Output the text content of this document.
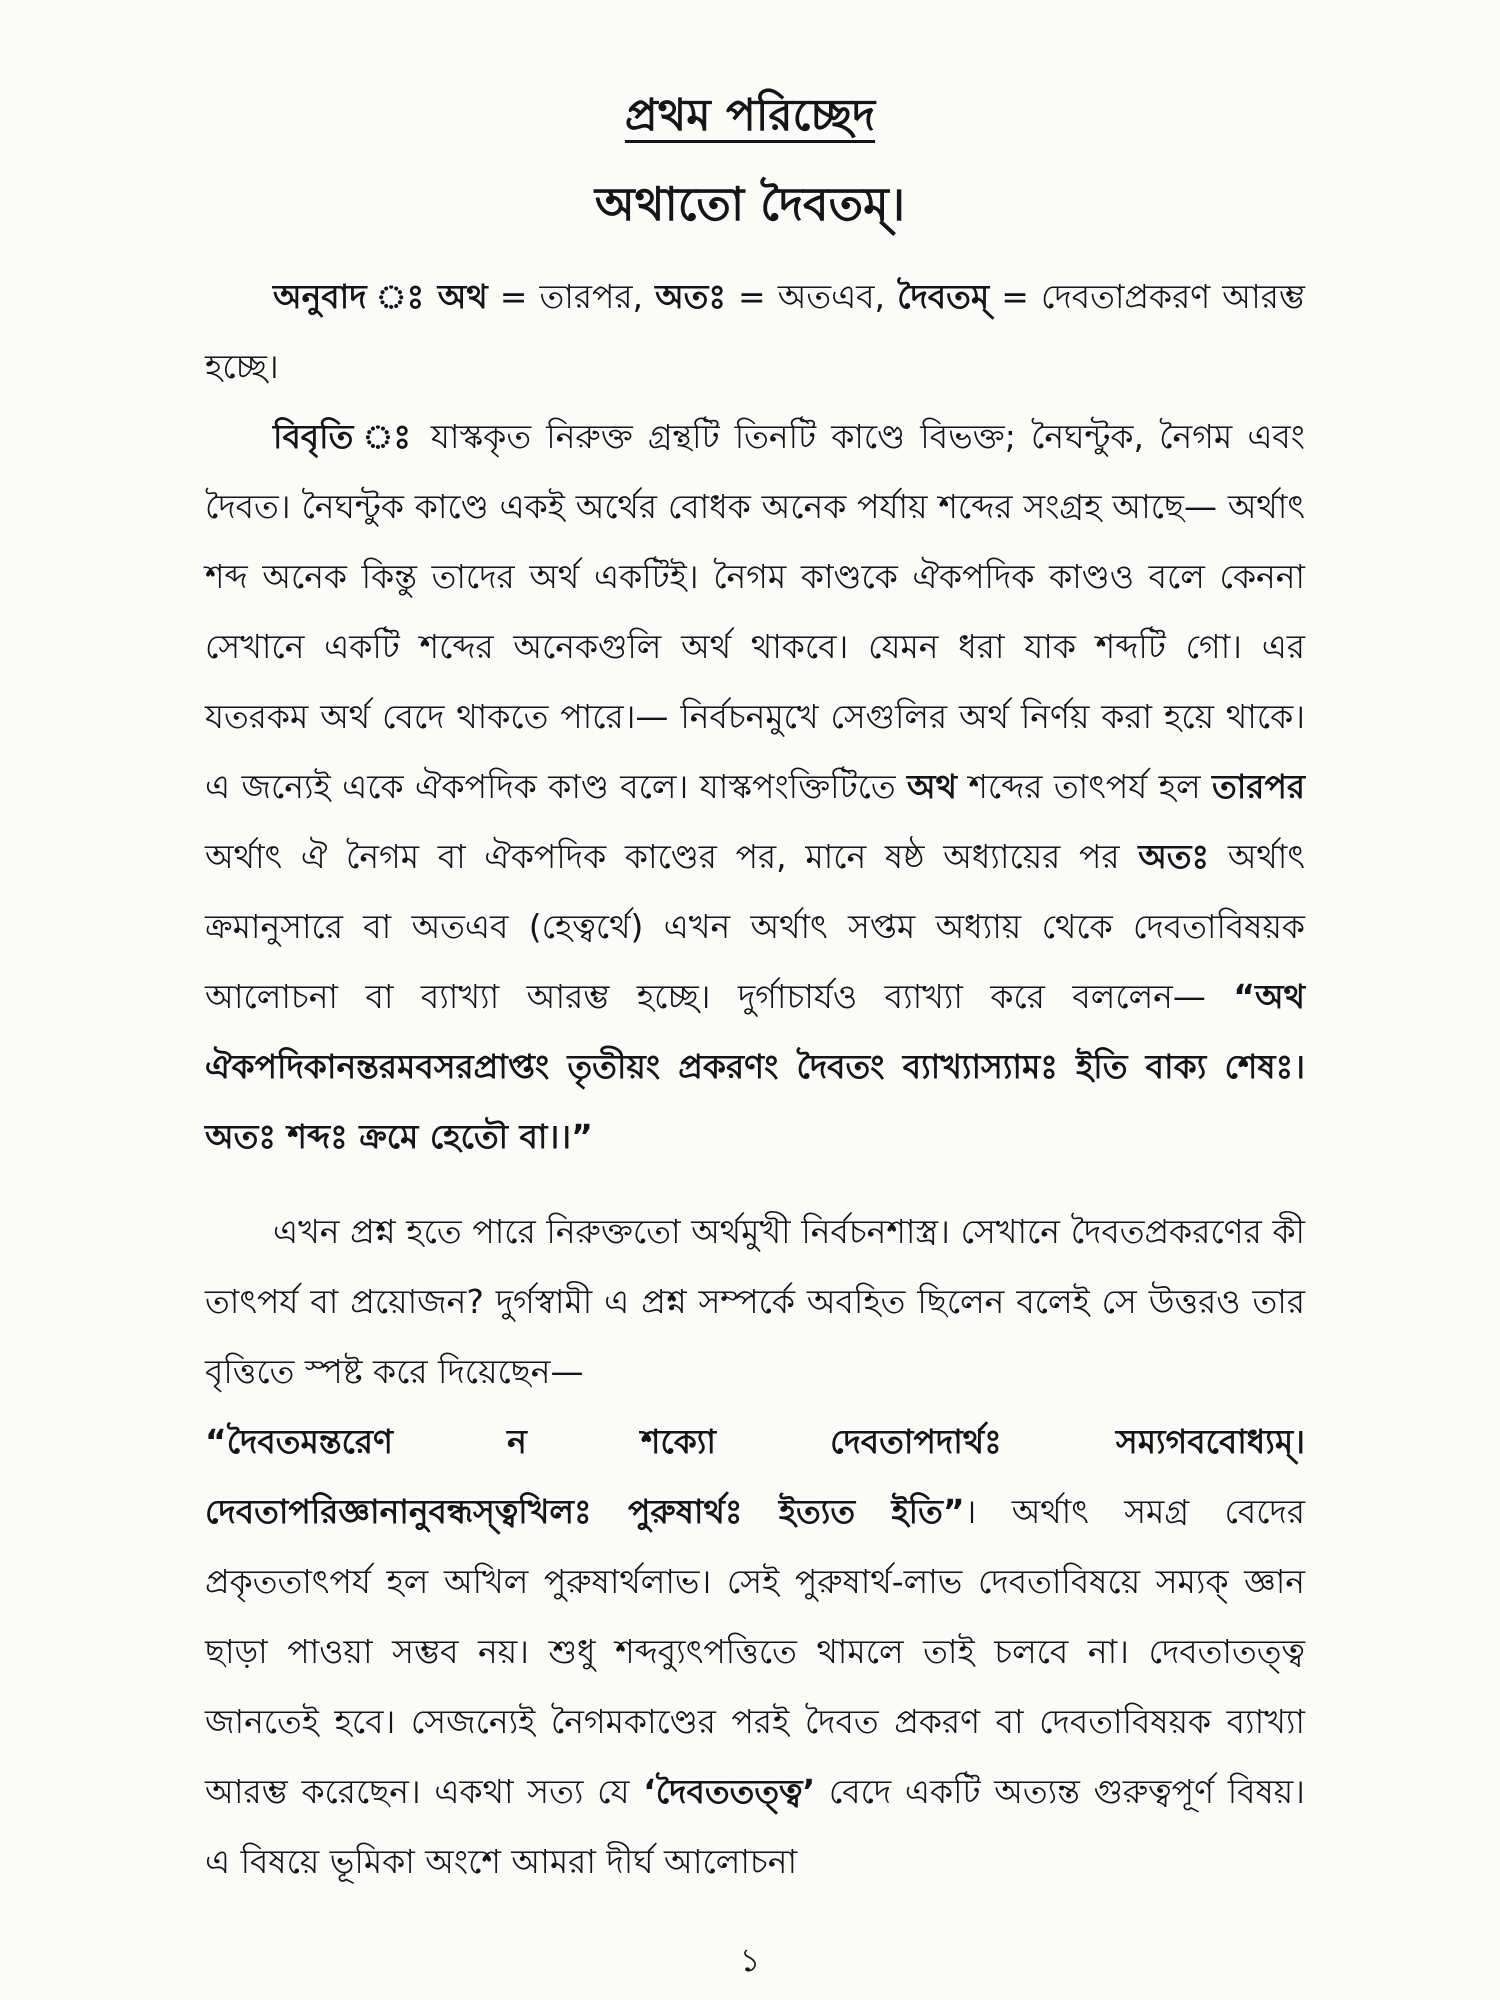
প্রথম পরিচ্ছেদ
অথাতো দৈবতম্।

অনুবাদ ঃ অথ = তারপর, অতঃ = অতএব, দৈবতম্ = দেবতাপ্রকরণ আরম্ভ হচ্ছে।

বিবৃতি ঃ যাস্ককৃত নিরুক্ত গ্রন্থটি তিনটি কাণ্ডে বিভক্ত; নৈঘন্টুক, নৈগম এবং দৈবত। নৈঘন্টুক কাণ্ডে একই অর্থের বোধক অনেক পর্যায় শব্দের সংগ্রহ আছে— অর্থাৎ শব্দ অনেক কিন্তু তাদের অর্থ একটিই। নৈগম কাণ্ডকে ঐকপদিক কাণ্ডও বলে কেননা সেখানে একটি শব্দের অনেকগুলি অর্থ থাকবে। যেমন ধরা যাক শব্দটি গো। এর যতরকম অর্থ বেদে থাকতে পারে।— নির্বচনমুখে সেগুলির অর্থ নির্ণয় করা হয়ে থাকে। এ জন্যেই একে ঐকপদিক কাণ্ড বলে। যাস্কপংক্তিটিতে অথ শব্দের তাৎপর্য হল তারপর অর্থাৎ ঐ নৈগম বা ঐকপদিক কাণ্ডের পর, মানে ষষ্ঠ অধ্যায়ের পর অতঃ অর্থাৎ ক্রমানুসারে বা অতএব (হেত্বর্থে) এখন অর্থাৎ সপ্তম অধ্যায় থেকে দেবতাবিষয়ক আলোচনা বা ব্যাখ্যা আরম্ভ হচ্ছে। দুর্গাচার্যও ব্যাখ্যা করে বললেন— “অথ ঐকপদিকানন্তরমবসরপ্রাপ্তং তৃতীয়ং প্রকরণং দৈবতং ব্যাখ্যাস্যামঃ ইতি বাক্য শেষঃ। অতঃ শব্দঃ ক্রমে হেতৌ বা।।”

এখন প্রশ্ন হতে পারে নিরুক্ততো অর্থমুখী নির্বচনশাস্ত্র। সেখানে দৈবতপ্রকরণের কী তাৎপর্য বা প্রয়োজন? দুর্গস্বামী এ প্রশ্ন সম্পর্কে অবহিত ছিলেন বলেই সে উত্তরও তার বৃত্তিতে স্পষ্ট করে দিয়েছেন—
“দৈবতমন্তরেণ ন শক্যো দেবতাপদার্থঃ সম্যগববোধ্যম্।
দেবতাপরিজ্ঞানানুবন্ধস্ত্বখিলঃ পুরুষার্থঃ ইত্যত ইতি”। অর্থাৎ সমগ্র বেদের প্রকৃততাৎপর্য হল অখিল পুরুষার্থলাভ। সেই পুরুষার্থ-লাভ দেবতাবিষয়ে সম্যক্ জ্ঞান ছাড়া পাওয়া সম্ভব নয়। শুধু শব্দব্যুৎপত্তিতে থামলে তাই চলবে না। দেবতাতত্ত্ব জানতেই হবে। সেজন্যেই নৈগমকাণ্ডের পরই দৈবত প্রকরণ বা দেবতাবিষয়ক ব্যাখ্যা আরম্ভ করেছেন। একথা সত্য যে ‘দৈবততত্ত্ব’ বেদে একটি অত্যন্ত গুরুত্বপূর্ণ বিষয়। এ বিষয়ে ভূমিকা অংশে আমরা দীর্ঘ আলোচনা

১
